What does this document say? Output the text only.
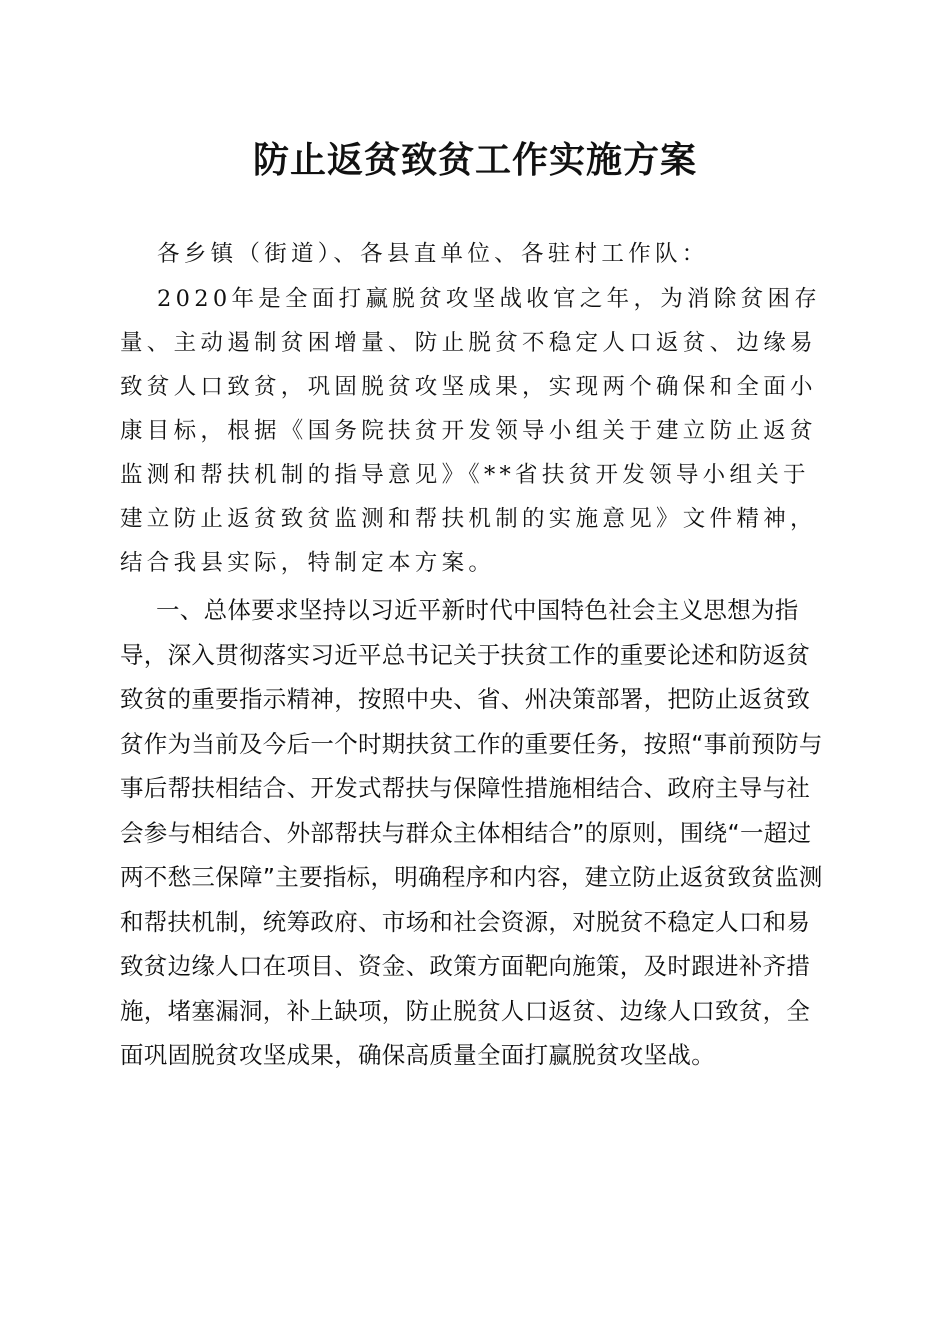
防止返贫致贫工作实施方案

各乡镇（街道）、各县直单位、各驻村工作队：

2020年是全面打赢脱贫攻坚战收官之年，为消除贫困存量、主动遏制贫困增量、防止脱贫不稳定人口返贫、边缘易致贫人口致贫，巩固脱贫攻坚成果，实现两个确保和全面小康目标，根据《国务院扶贫开发领导小组关于建立防止返贫监测和帮扶机制的指导意见》《**省扶贫开发领导小组关于建立防止返贫致贫监测和帮扶机制的实施意见》文件精神，结合我县实际，特制定本方案。

一、总体要求坚持以习近平新时代中国特色社会主义思想为指导，深入贯彻落实习近平总书记关于扶贫工作的重要论述和防返贫致贫的重要指示精神，按照中央、省、州决策部署，把防止返贫致贫作为当前及今后一个时期扶贫工作的重要任务，按照“事前预防与事后帮扶相结合、开发式帮扶与保障性措施相结合、政府主导与社会参与相结合、外部帮扶与群众主体相结合”的原则，围绕“一超过两不愁三保障”主要指标，明确程序和内容，建立防止返贫致贫监测和帮扶机制，统筹政府、市场和社会资源，对脱贫不稳定人口和易致贫边缘人口在项目、资金、政策方面靶向施策，及时跟进补齐措施，堵塞漏洞，补上缺项，防止脱贫人口返贫、边缘人口致贫，全面巩固脱贫攻坚成果，确保高质量全面打赢脱贫攻坚战。
